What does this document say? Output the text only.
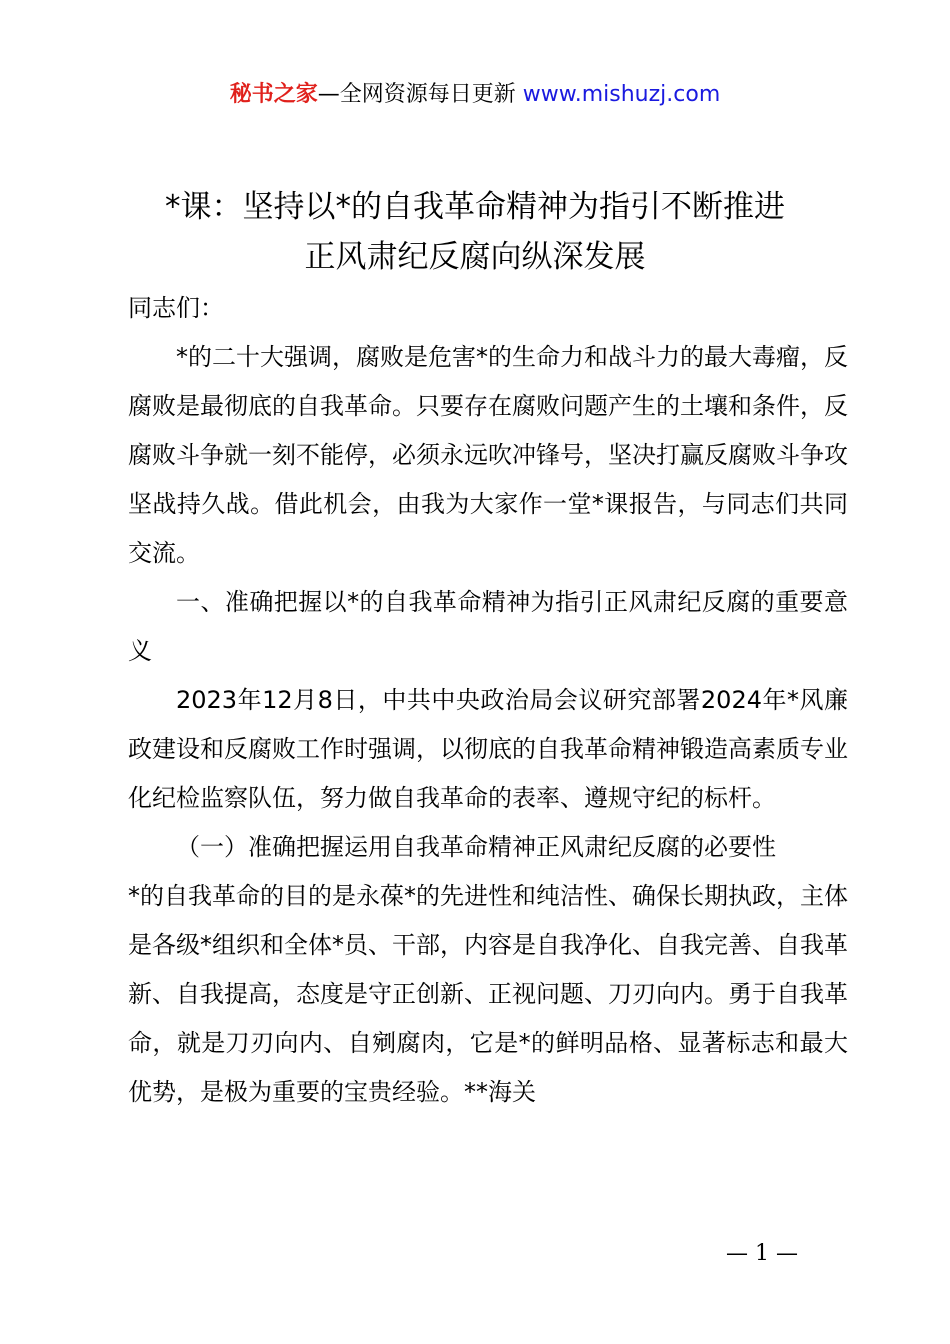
秘书之家—全网资源每日更新 www.mishuzj.com
*课：坚持以*的自我革命精神为指引不断推进
正风肃纪反腐向纵深发展

同志们：

*的二十大强调，腐败是危害*的生命力和战斗力的最大毒瘤，反腐败是最彻底的自我革命。只要存在腐败问题产生的土壤和条件，反腐败斗争就一刻不能停，必须永远吹冲锋号，坚决打赢反腐败斗争攻坚战持久战。借此机会，由我为大家作一堂*课报告，与同志们共同交流。

一、准确把握以*的自我革命精神为指引正风肃纪反腐的重要意义

2023年12月8日，中共中央政治局会议研究部署2024年*风廉政建设和反腐败工作时强调，以彻底的自我革命精神锻造高素质专业化纪检监察队伍，努力做自我革命的表率、遵规守纪的标杆。

（一）准确把握运用自我革命精神正风肃纪反腐的必要性

*的自我革命的目的是永葆*的先进性和纯洁性、确保长期执政，主体是各级*组织和全体*员、干部，内容是自我净化、自我完善、自我革新、自我提高，态度是守正创新、正视问题、刀刃向内。勇于自我革命，就是刀刃向内、自剜腐肉，它是*的鲜明品格、显著标志和最大优势，是极为重要的宝贵经验。**海关

— 1 —
